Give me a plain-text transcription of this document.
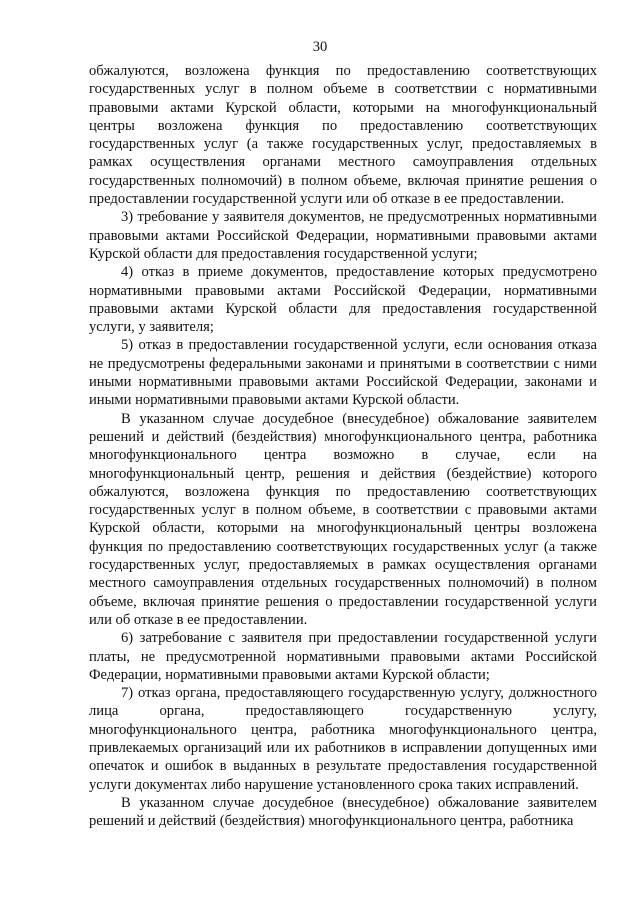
30

обжалуются, возложена функция по предоставлению соответствующих государственных услуг в полном объеме в соответствии с нормативными правовыми актами Курской области, которыми на многофункциональный центры возложена функция по предоставлению соответствующих государственных услуг (а также государственных услуг, предоставляемых в рамках осуществления органами местного самоуправления отдельных государственных полномочий) в полном объеме, включая принятие решения о предоставлении государственной услуги или об отказе в ее предоставлении.

3) требование у заявителя документов, не предусмотренных нормативными правовыми актами Российской Федерации, нормативными правовыми актами Курской области для предоставления государственной услуги;

4) отказ в приеме документов, предоставление которых предусмотрено нормативными правовыми актами Российской Федерации, нормативными правовыми актами Курской области для предоставления государственной услуги, у заявителя;

5) отказ в предоставлении государственной услуги, если основания отказа не предусмотрены федеральными законами и принятыми в соответствии с ними иными нормативными правовыми актами Российской Федерации, законами и иными нормативными правовыми актами Курской области.

В указанном случае досудебное (внесудебное) обжалование заявителем решений и действий (бездействия) многофункционального центра, работника многофункционального центра возможно в случае, если на многофункциональный центр, решения и действия (бездействие) которого обжалуются, возложена функция по предоставлению соответствующих государственных услуг в полном объеме, в соответствии с правовыми актами Курской области, которыми на многофункциональный центры возложена функция по предоставлению соответствующих государственных услуг (а также государственных услуг, предоставляемых в рамках осуществления органами местного самоуправления отдельных государственных полномочий) в полном объеме, включая принятие решения о предоставлении государственной услуги или об отказе в ее предоставлении.

6) затребование с заявителя при предоставлении государственной услуги платы, не предусмотренной нормативными правовыми актами Российской Федерации, нормативными правовыми актами Курской области;

7) отказ органа, предоставляющего государственную услугу, должностного лица органа, предоставляющего государственную услугу, многофункционального центра, работника многофункционального центра, привлекаемых организаций или их работников в исправлении допущенных ими опечаток и ошибок в выданных в результате предоставления государственной услуги документах либо нарушение установленного срока таких исправлений.

В указанном случае досудебное (внесудебное) обжалование заявителем решений и действий (бездействия) многофункционального центра, работника
